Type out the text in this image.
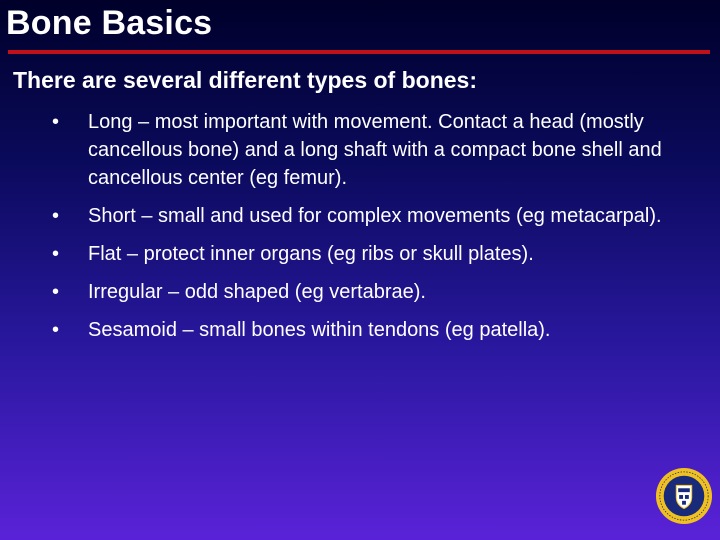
Bone Basics
There are several different types of bones:
•	Long – most important with movement. Contact a head (mostly cancellous bone) and a long shaft with a compact bone shell and cancellous center (eg femur).
•	Short – small and used for complex movements (eg metacarpal).
•	Flat – protect inner organs (eg ribs or skull plates).
•	Irregular – odd shaped (eg vertabrae).
•	Sesamoid – small bones within tendons (eg patella).
